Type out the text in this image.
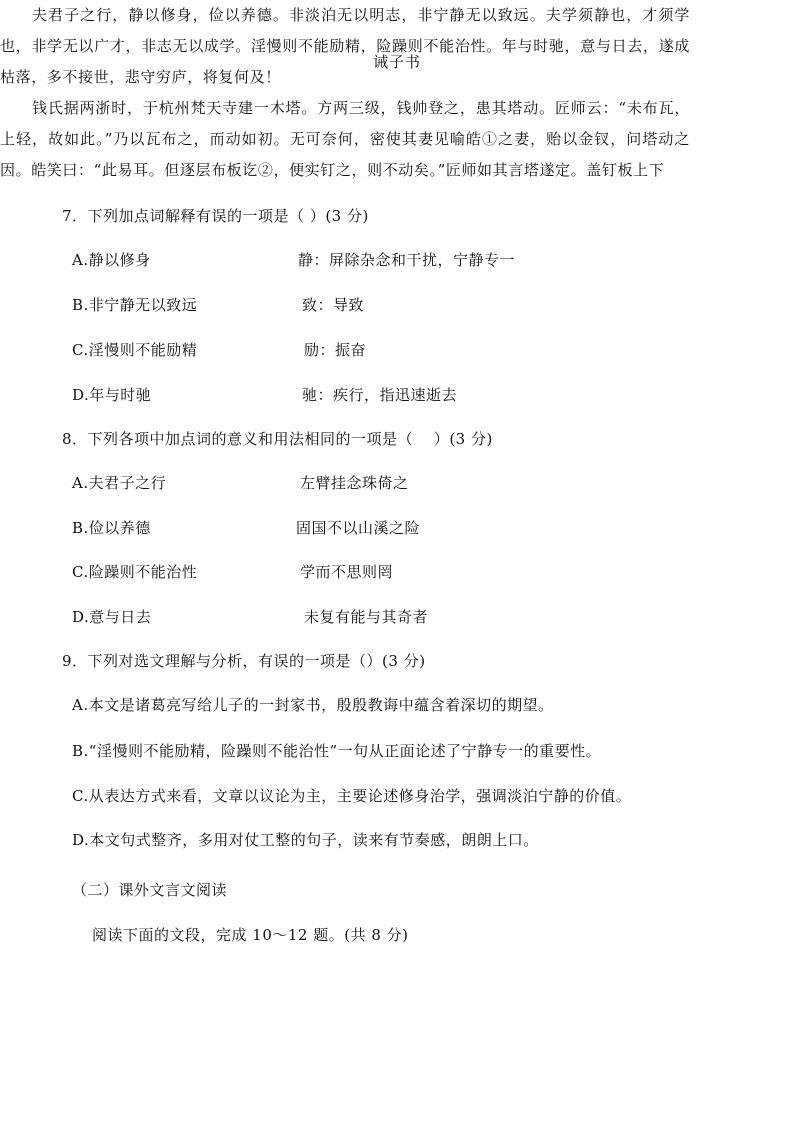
诫子书
夫君子之行，静以修身，俭以养德。非淡泊无以明志，非宁静无以致远。夫学须静也，才须学也，非学无以广才，非志无以成学。淫慢则不能励精，险躁则不能治性。年与时驰，意与日去，遂成枯落，多不接世，悲守穷庐，将复何及！
7．下列加点词解释有误的一项是（ ）(3 分)
A.静以修身	静：屏除杂念和干扰，宁静专一
B.非宁静无以致远	致：导致
C.淫慢则不能励精	励：振奋
D.年与时驰	驰：疾行，指迅速逝去
8．下列各项中加点词的意义和用法相同的一项是（　 ）(3 分)
A.夫君子之行	左臂挂念珠倚之
B.俭以养德	固国不以山溪之险
C.险躁则不能治性	学而不思则罔
D.意与日去	未复有能与其奇者
9．下列对选文理解与分析，有误的一项是（）(3 分)
A.本文是诸葛亮写给儿子的一封家书，殷殷教诲中蕴含着深切的期望。
B.“淫慢则不能励精，险躁则不能治性”一句从正面论述了宁静专一的重要性。
C.从表达方式来看，文章以议论为主，主要论述修身治学，强调淡泊宁静的价值。
D.本文句式整齐，多用对仗工整的句子，读来有节奏感，朗朗上口。
（二）课外文言文阅读
阅读下面的文段，完成 10～12 题。(共 8 分)
钱氏据两浙时，于杭州梵天寺建一木塔。方两三级，钱帅登之，患其塔动。匠师云：“未布瓦，上轻，故如此。”乃以瓦布之，而动如初。无可奈何，密使其妻见喻皓①之妻，贻以金钗，问塔动之因。皓笑曰：“此易耳。但逐层布板讫②，便实钉之，则不动矣。”匠师如其言塔遂定。盖钉板上下
